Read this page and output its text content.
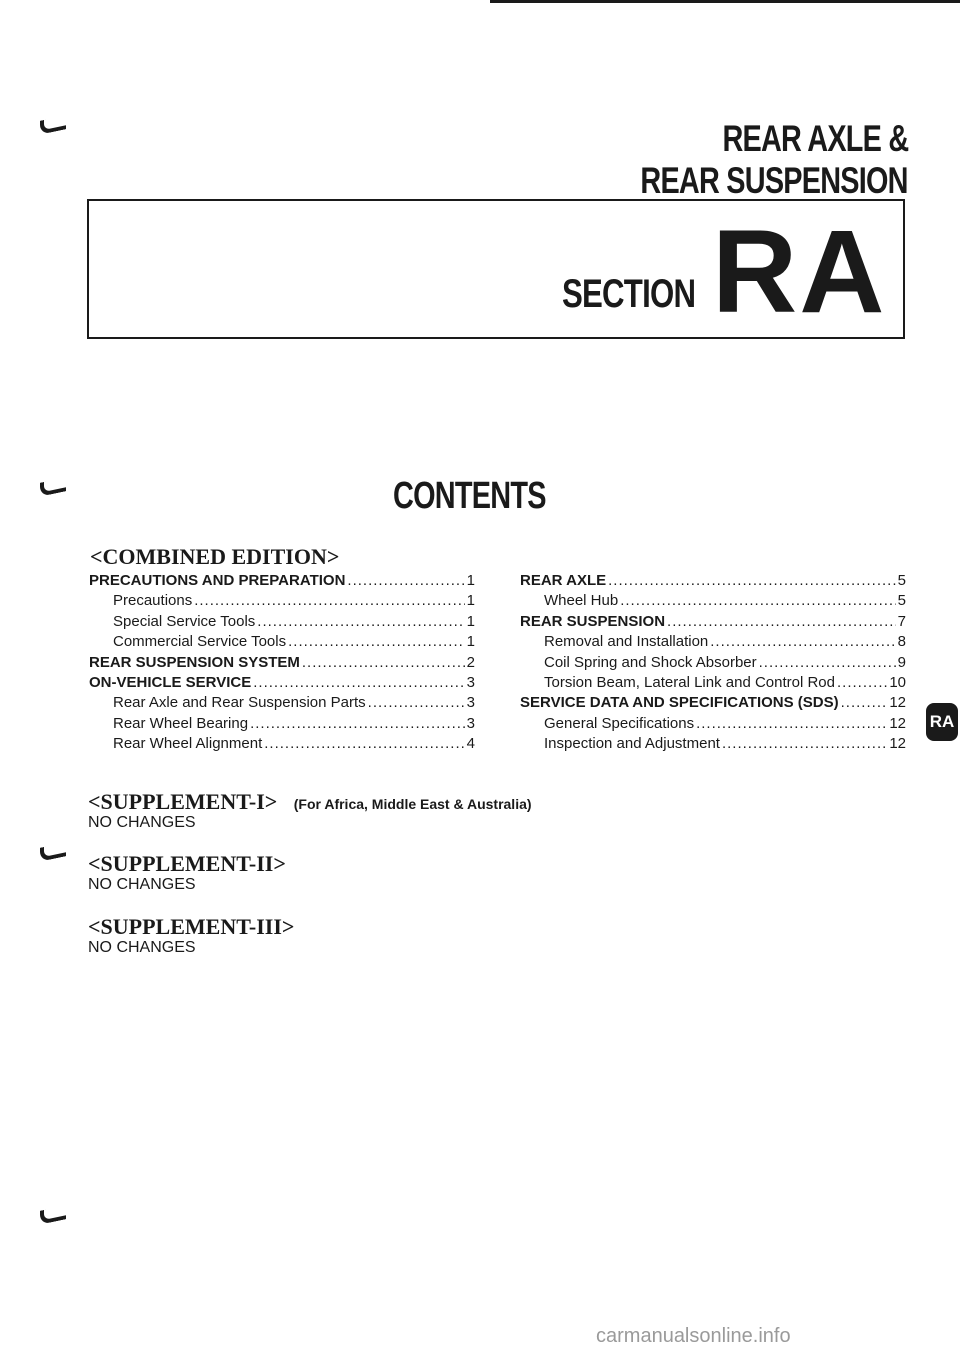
REAR AXLE &
REAR SUSPENSION
SECTION RA
CONTENTS
<COMBINED EDITION>
PRECAUTIONS AND PREPARATION .....	1
Precautions .....	1
Special Service Tools .....	1
Commercial Service Tools .....	1
REAR SUSPENSION SYSTEM .....	2
ON-VEHICLE SERVICE .....	3
Rear Axle and Rear Suspension Parts .....	3
Rear Wheel Bearing .....	3
Rear Wheel Alignment .....	4
REAR AXLE .....	5
Wheel Hub .....	5
REAR SUSPENSION .....	7
Removal and Installation .....	8
Coil Spring and Shock Absorber .....	9
Torsion Beam, Lateral Link and Control Rod .....	10
SERVICE DATA AND SPECIFICATIONS (SDS) .....	12
General Specifications .....	12
Inspection and Adjustment .....	12
<SUPPLEMENT-I> (For Africa, Middle East & Australia)
NO CHANGES
<SUPPLEMENT-II>
NO CHANGES
<SUPPLEMENT-III>
NO CHANGES
RA
carmanualsonline.info
